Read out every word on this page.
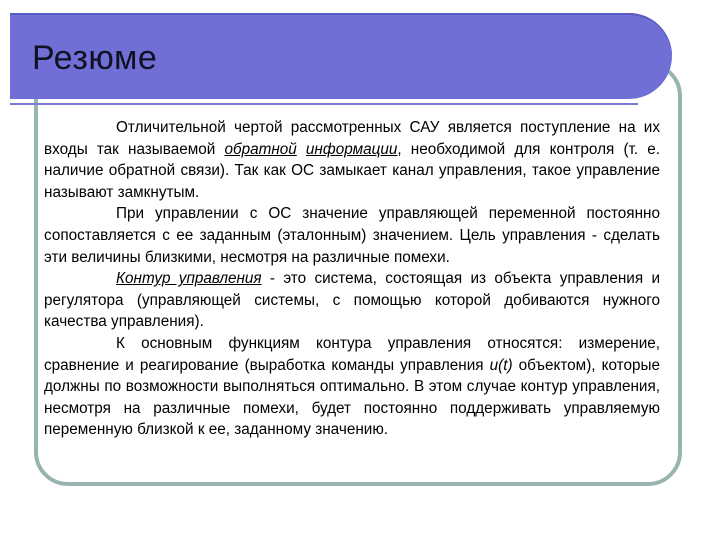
Резюме

Отличительной чертой рассмотренных САУ является поступление на их входы так называемой обратной информации, необходимой для контроля (т. е. наличие обратной связи). Так как ОС замыкает канал управления, такое управление называют замкнутым.

При управлении с ОС значение управляющей переменной постоянно сопоставляется с ее заданным (эталонным) значением. Цель управления - сделать эти величины близкими, несмотря на различные помехи.

Контур управления - это система, состоящая из объекта управления и регулятора (управляющей системы, с помощью которой добиваются нужного качества управления).

К основным функциям контура управления относятся: измерение, сравнение и реагирование (выработка команды управления u(t) объектом), которые должны по возможности выполняться оптимально. В этом случае контур управления, несмотря на различные помехи, будет постоянно поддерживать управляемую переменную близкой к ее, заданному значению.
